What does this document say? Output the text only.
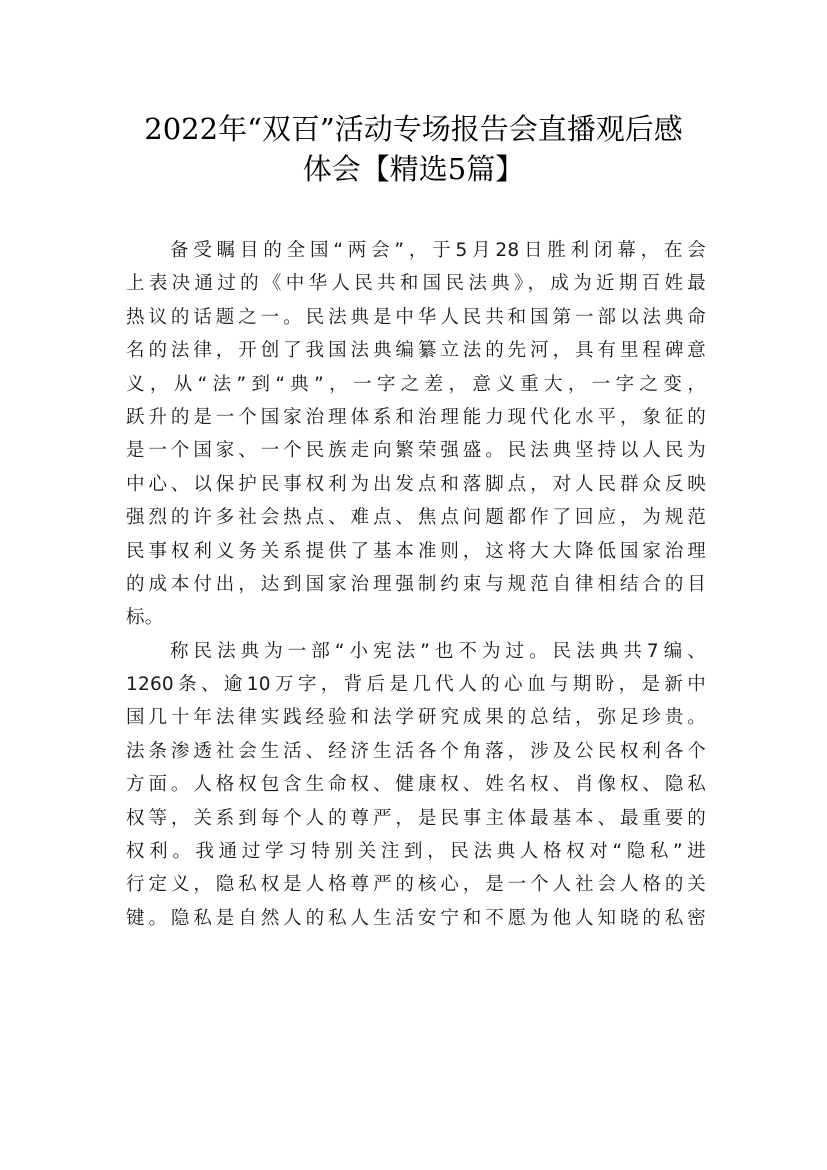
2022年“双百”活动专场报告会直播观后感
体会【精选5篇】
备受瞩目的全国“两会”，于5月28日胜利闭幕，在会
上表决通过的《中华人民共和国民法典》，成为近期百姓最
热议的话题之一。民法典是中华人民共和国第一部以法典命
名的法律，开创了我国法典编纂立法的先河，具有里程碑意
义，从“法”到“典”，一字之差，意义重大，一字之变，
跃升的是一个国家治理体系和治理能力现代化水平，象征的
是一个国家、一个民族走向繁荣强盛。民法典坚持以人民为
中心、以保护民事权利为出发点和落脚点，对人民群众反映
强烈的许多社会热点、难点、焦点问题都作了回应，为规范
民事权利义务关系提供了基本准则，这将大大降低国家治理
的成本付出，达到国家治理强制约束与规范自律相结合的目
标。
称民法典为一部“小宪法”也不为过。民法典共7编、
1260条、逾10万字，背后是几代人的心血与期盼，是新中
国几十年法律实践经验和法学研究成果的总结，弥足珍贵。
法条渗透社会生活、经济生活各个角落，涉及公民权利各个
方面。人格权包含生命权、健康权、姓名权、肖像权、隐私
权等，关系到每个人的尊严，是民事主体最基本、最重要的
权利。我通过学习特别关注到，民法典人格权对“隐私”进
行定义，隐私权是人格尊严的核心，是一个人社会人格的关
键。隐私是自然人的私人生活安宁和不愿为他人知晓的私密
